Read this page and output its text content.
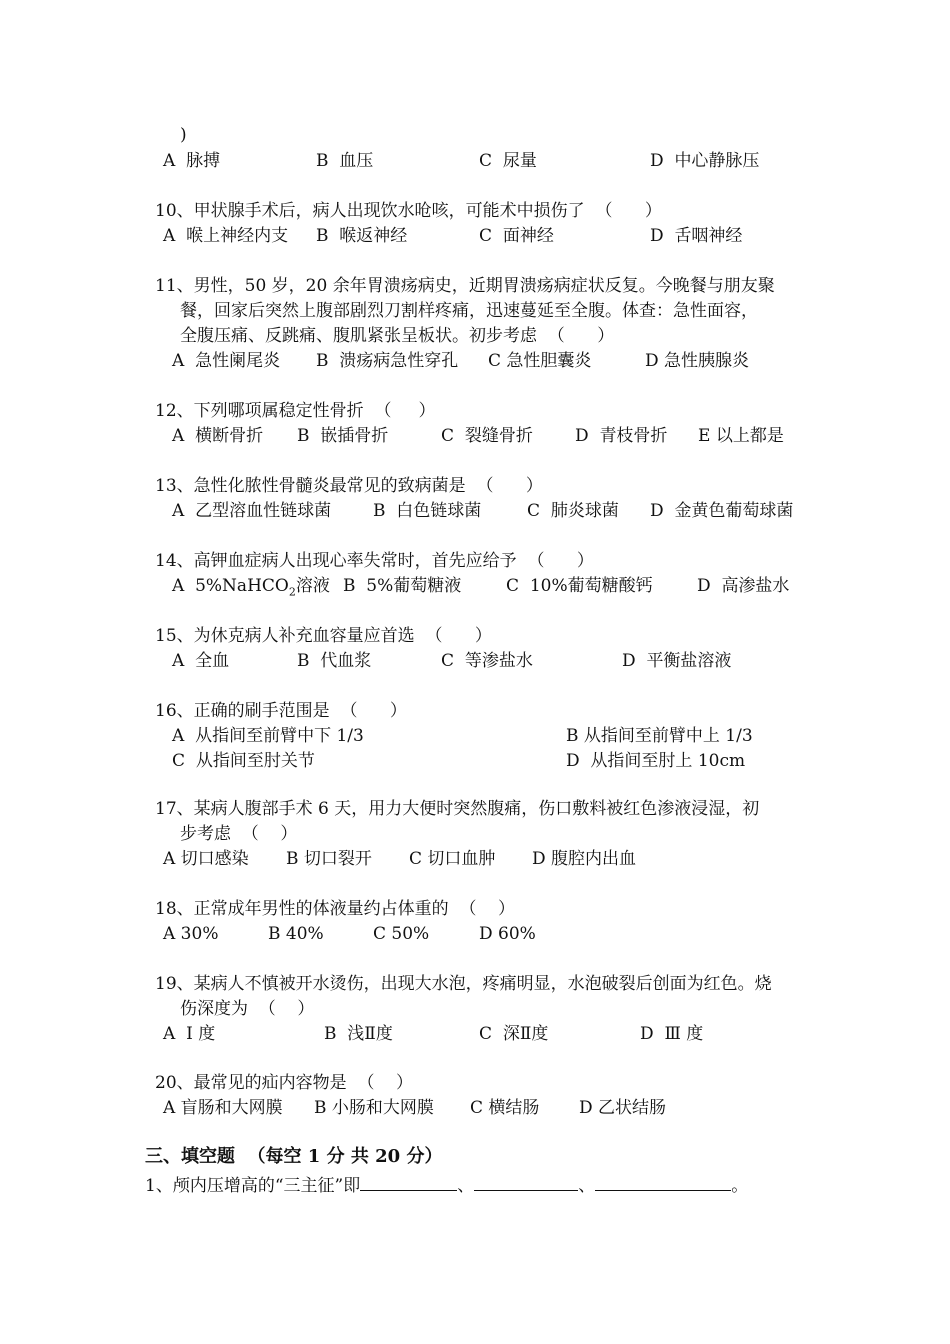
)
A  脉搏	B  血压	C  尿量	D  中心静脉压
10、甲状腺手术后，病人出现饮水呛咳，可能术中损伤了  （      ）
A  喉上神经内支 B  喉返神经	C  面神经	D  舌咽神经
11、男性，50 岁，20 余年胃溃疡病史，近期胃溃疡病症状反复。今晚餐与朋友聚
餐，回家后突然上腹部剧烈刀割样疼痛，迅速蔓延至全腹。体查：急性面容，
全腹压痛、反跳痛、腹肌紧张呈板状。初步考虑  （      ）
A  急性阑尾炎 B  溃疡病急性穿孔 C 急性胆囊炎	D 急性胰腺炎
12、下列哪项属稳定性骨折  （     ）
A  横断骨折 B  嵌插骨折	C  裂缝骨折 D  青枝骨折 E 以上都是
13、急性化脓性骨髓炎最常见的致病菌是  （      ）
A  乙型溶血性链球菌 B  白色链球菌	C  肺炎球菌 D  金黄色葡萄球菌
14、高钾血症病人出现心率失常时，首先应给予  （      ）
A  5%NaHCO$_2$溶液 B  5%葡萄糖液	C  10%葡萄糖酸钙	D  高渗盐水
15、为休克病人补充血容量应首选  （      ）
A  全血	B  代血浆	C  等渗盐水	D  平衡盐溶液
16、正确的刷手范围是  （      ）
A  从指间至前臂中下 1/3	B 从指间至前臂中上 1/3
C  从指间至肘关节	D  从指间至肘上 10cm
17、某病人腹部手术 6 天，用力大便时突然腹痛，伤口敷料被红色渗液浸湿，初
步考虑  （    ）
A 切口感染 B 切口裂开 C 切口血肿 D 腹腔内出血
18、正常成年男性的体液量约占体重的  （    ）
A 30%	B 40%	C 50%	D 60%
19、某病人不慎被开水烫伤，出现大水泡，疼痛明显，水泡破裂后创面为红色。烧
伤深度为  （    ）
A  Ⅰ 度	B  浅Ⅱ度	C  深Ⅱ度	D  Ⅲ 度
20、最常见的疝内容物是  （    ）
A 盲肠和大网膜 B 小肠和大网膜 C 横结肠 D 乙状结肠
三、填空题  （每空 1 分 共 20 分）
1、颅内压增高的“三主征”即	、	、	。
